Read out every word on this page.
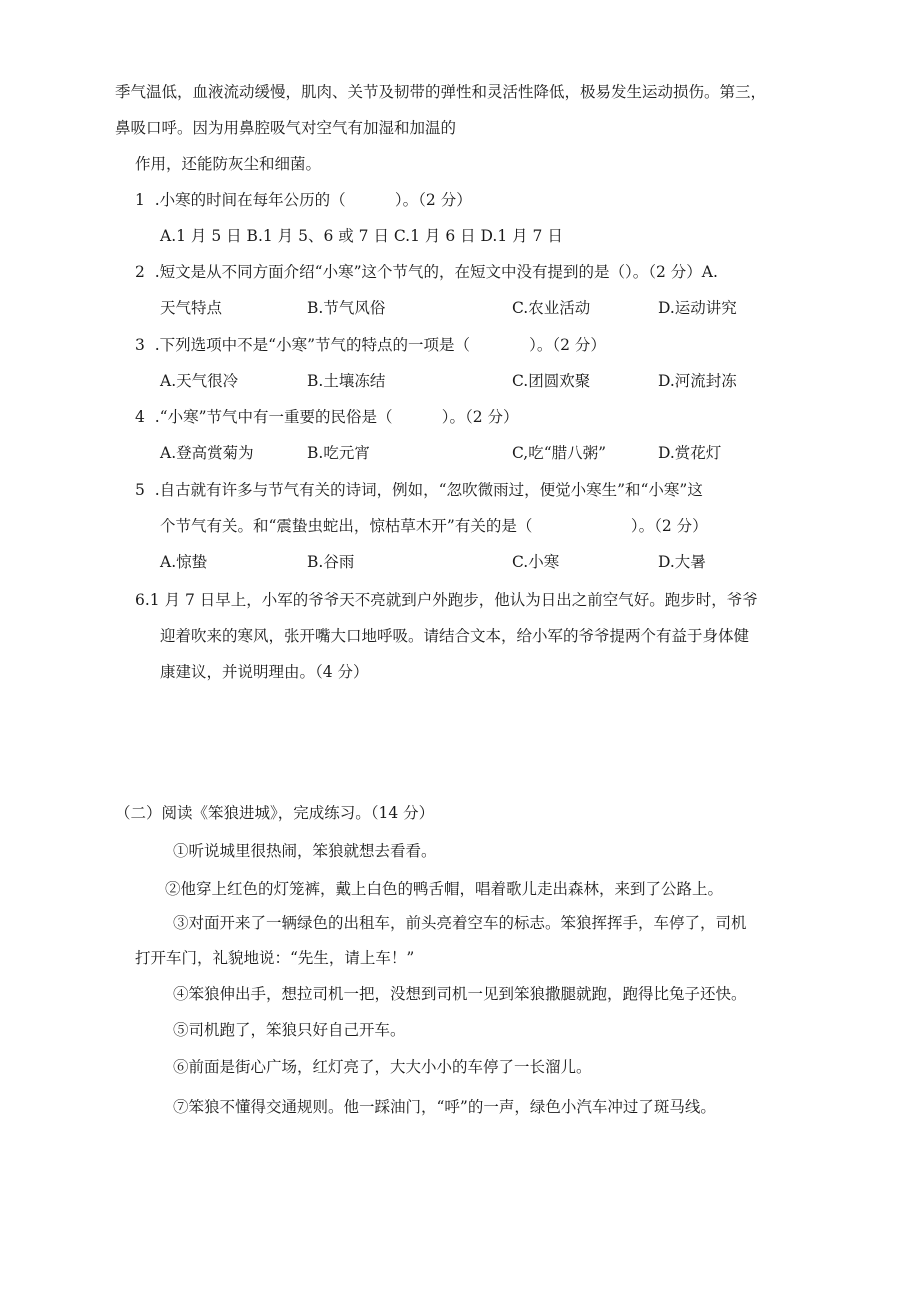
季气温低，血液流动缓慢，肌肉、关节及韧带的弹性和灵活性降低，极易发生运动损伤。第三，
鼻吸口呼。因为用鼻腔吸气对空气有加湿和加温的
作用，还能防灰尘和细菌。
1  .小寒的时间在每年公历的（          ）。（2 分）
A.1 月 5 日 B.1 月 5、6 或 7 日 C.1 月 6 日 D.1 月 7 日
2  .短文是从不同方面介绍“小寒”这个节气的，在短文中没有提到的是（）。（2 分）A.
天气特点	B.节气风俗	C.农业活动	D.运动讲究
3  .下列选项中不是“小寒”节气的特点的一项是（            ）。（2 分）
A.天气很冷	B.土壤冻结	C.团圆欢聚	D.河流封冻
4  .“小寒”节气中有一重要的民俗是（          ）。（2 分）
A.登高赏菊为	B.吃元宵	C,吃“腊八粥”	D.赏花灯
5  .自古就有许多与节气有关的诗词，例如，“忽吹微雨过，便觉小寒生”和“小寒”这
个节气有关。和“震蛰虫蛇出，惊枯草木开”有关的是（                    ）。（2 分）
A.惊蛰	B.谷雨	C.小寒	D.大暑
6.1 月 7 日早上，小军的爷爷天不亮就到户外跑步，他认为日出之前空气好。跑步时，爷爷
迎着吹来的寒风，张开嘴大口地呼吸。请结合文本，给小军的爷爷提两个有益于身体健
康建议，并说明理由。（4 分）
（二）阅读《笨狼进城》，完成练习。（14 分）
①听说城里很热闹，笨狼就想去看看。
②他穿上红色的灯笼裤，戴上白色的鸭舌帽，唱着歌儿走出森林，来到了公路上。
③对面开来了一辆绿色的出租车，前头亮着空车的标志。笨狼挥挥手，车停了，司机
打开车门，礼貌地说：“先生，请上车！”
④笨狼伸出手，想拉司机一把，没想到司机一见到笨狼撒腿就跑，跑得比兔子还快。
⑤司机跑了，笨狼只好自己开车。
⑥前面是街心广场，红灯亮了，大大小小的车停了一长溜儿。
⑦笨狼不懂得交通规则。他一踩油门，“呼”的一声，绿色小汽车冲过了斑马线。
